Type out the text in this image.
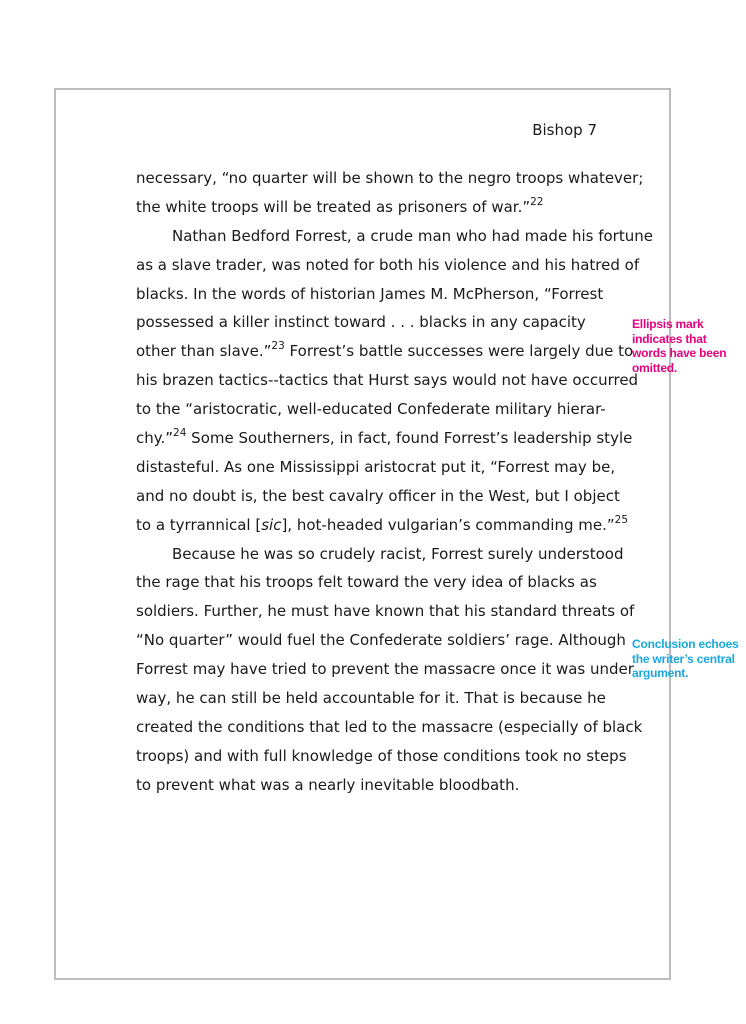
Bishop 7
necessary, “no quarter will be shown to the negro troops whatever;
the white troops will be treated as prisoners of war.”$^{22}$
Nathan Bedford Forrest, a crude man who had made his fortune
as a slave trader, was noted for both his violence and his hatred of
blacks. In the words of historian James M. McPherson, “Forrest
possessed a killer instinct toward . . . blacks in any capacity
other than slave.”$^{23}$ Forrest’s battle successes were largely due to
his brazen tactics--tactics that Hurst says would not have occurred
to the “aristocratic, well-educated Confederate military hierar-
chy.”$^{24}$ Some Southerners, in fact, found Forrest’s leadership style
distasteful. As one Mississippi aristocrat put it, “Forrest may be,
and no doubt is, the best cavalry officer in the West, but I object
to a tyrrannical [sic], hot-headed vulgarian’s commanding me.”$^{25}$
Because he was so crudely racist, Forrest surely understood
the rage that his troops felt toward the very idea of blacks as
soldiers. Further, he must have known that his standard threats of
“No quarter” would fuel the Confederate soldiers’ rage. Although
Forrest may have tried to prevent the massacre once it was under
way, he can still be held accountable for it. That is because he
created the conditions that led to the massacre (especially of black
troops) and with full knowledge of those conditions took no steps
to prevent what was a nearly inevitable bloodbath.
Ellipsis mark
indicates that
words have been
omitted.
Conclusion echoes
the writer’s central
argument.
